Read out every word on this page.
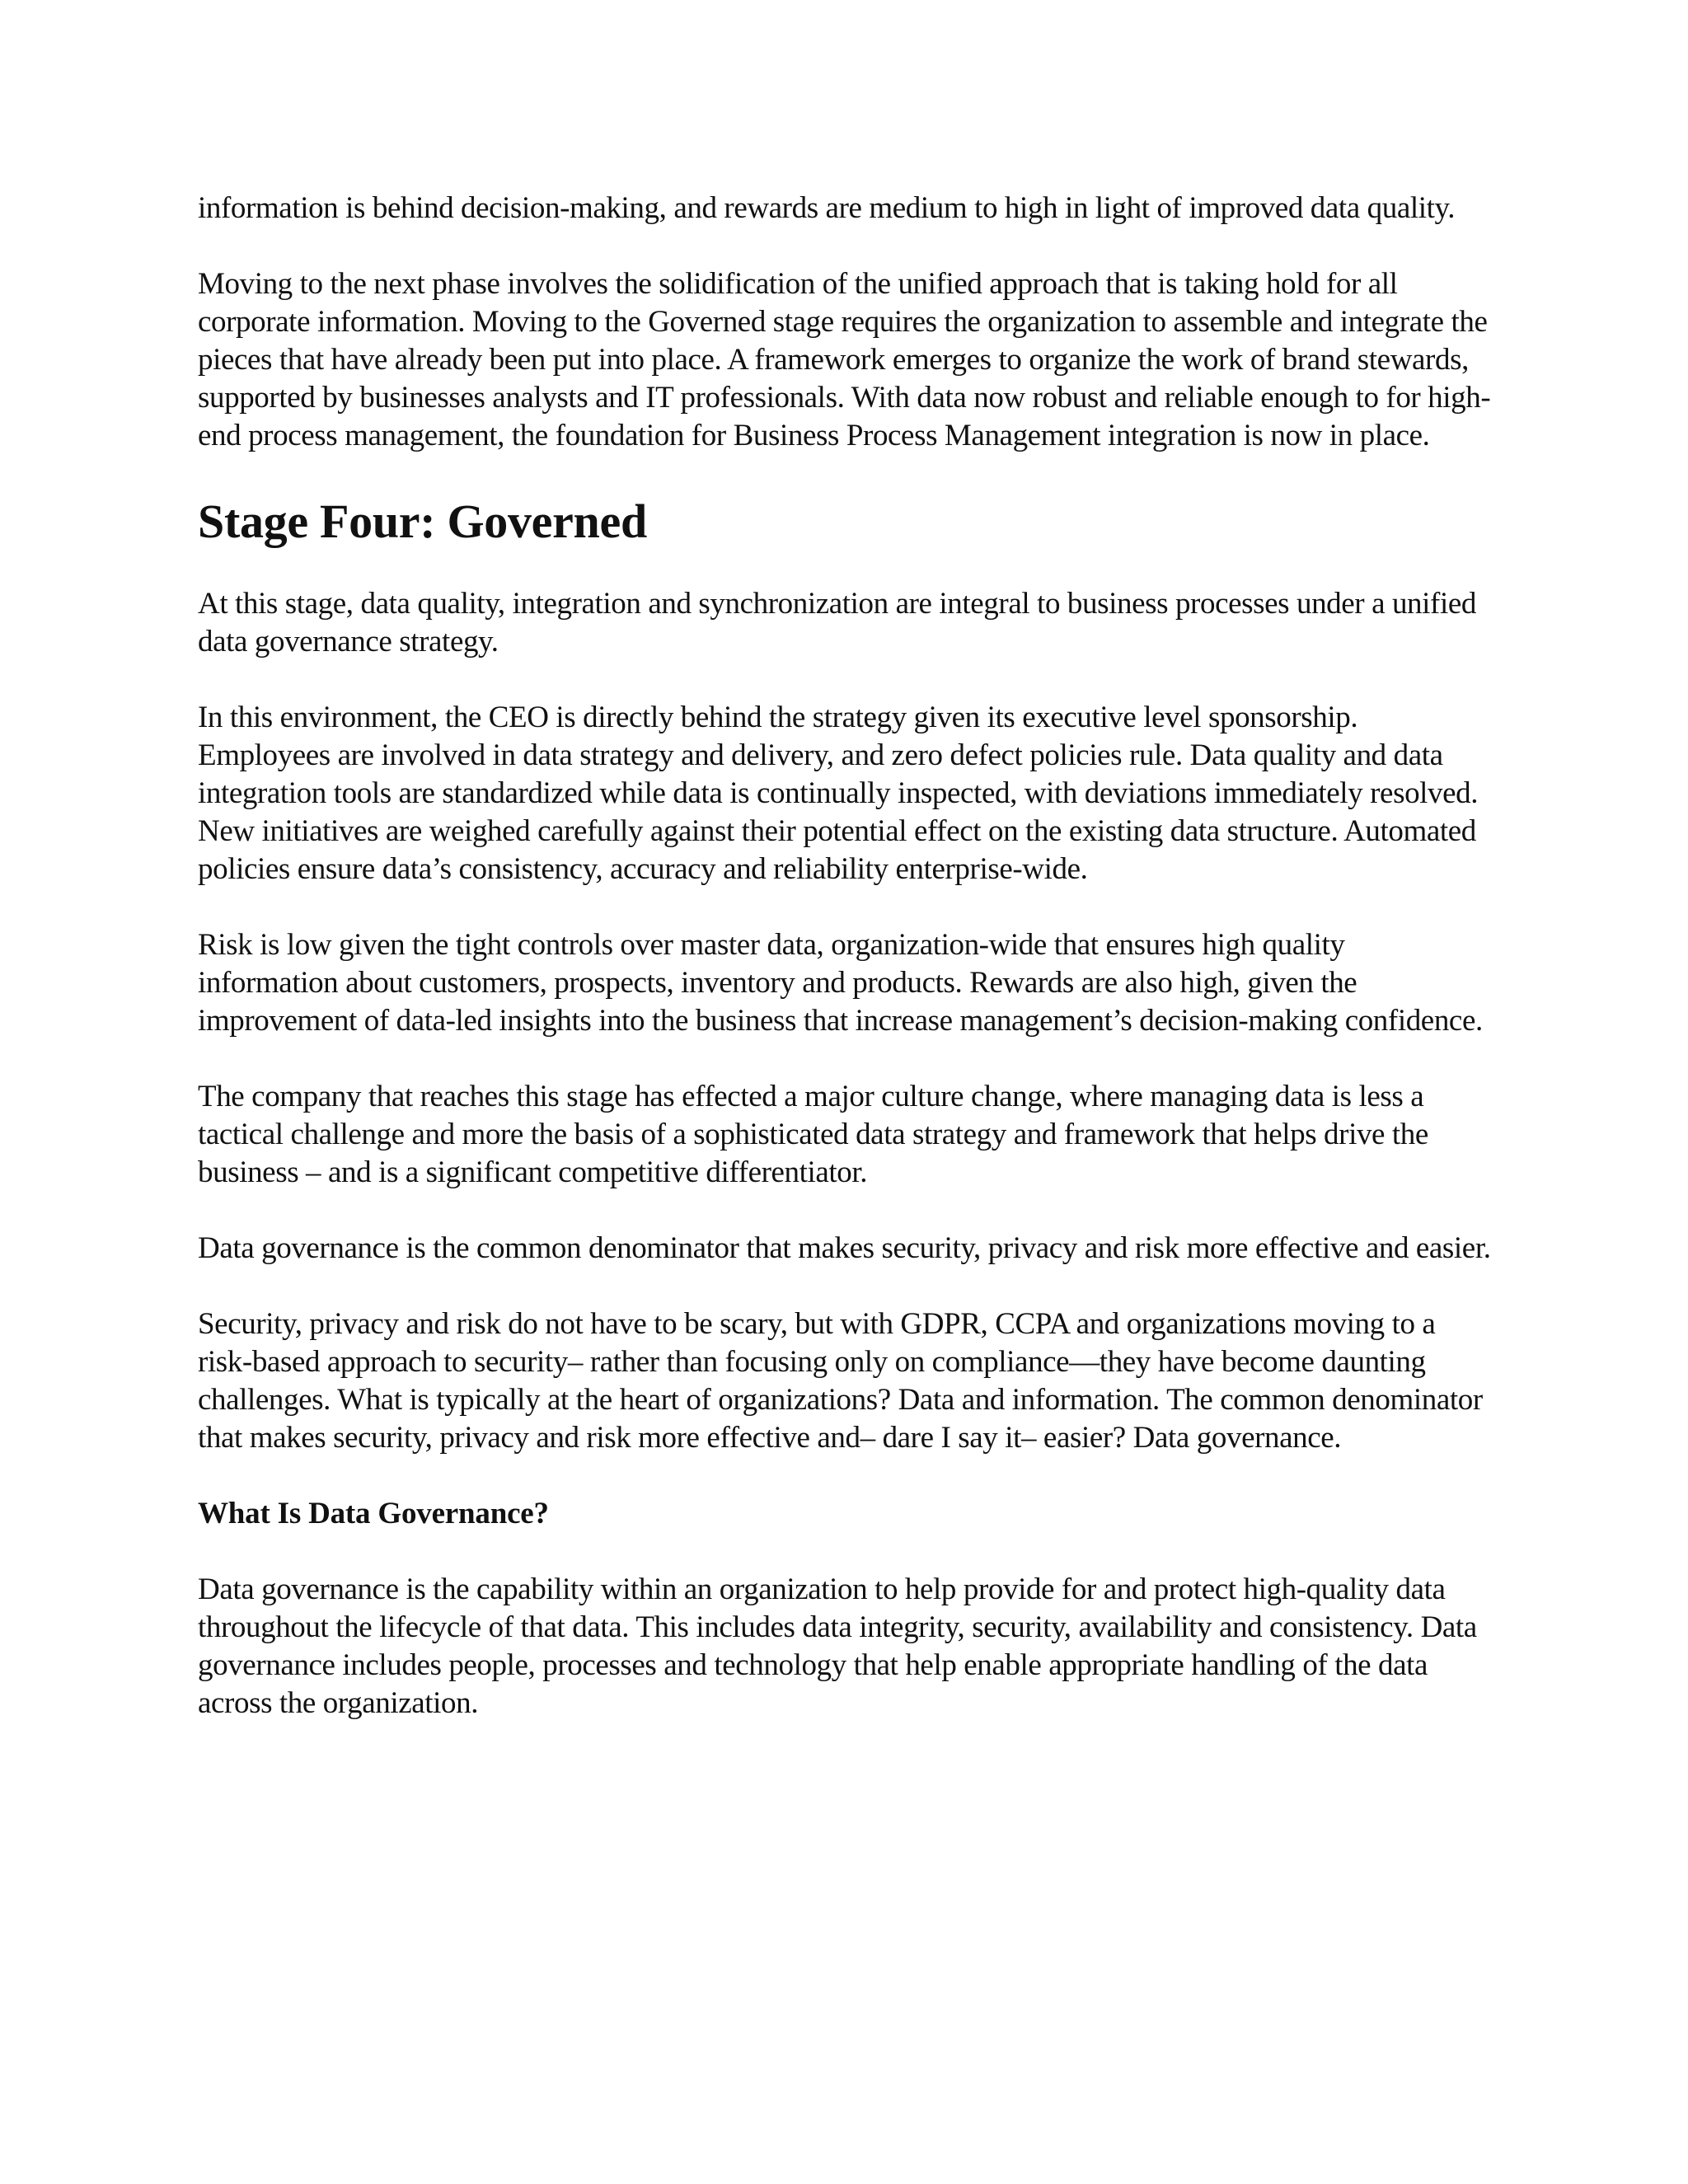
information is behind decision-making, and rewards are medium to high in light of improved data quality.

Moving to the next phase involves the solidification of the unified approach that is taking hold for all corporate information. Moving to the Governed stage requires the organization to assemble and integrate the pieces that have already been put into place. A framework emerges to organize the work of brand stewards, supported by businesses analysts and IT professionals. With data now robust and reliable enough to for high-end process management, the foundation for Business Process Management integration is now in place.

Stage Four: Governed

At this stage, data quality, integration and synchronization are integral to business processes under a unified data governance strategy.

In this environment, the CEO is directly behind the strategy given its executive level sponsorship. Employees are involved in data strategy and delivery, and zero defect policies rule. Data quality and data integration tools are standardized while data is continually inspected, with deviations immediately resolved. New initiatives are weighed carefully against their potential effect on the existing data structure. Automated policies ensure data’s consistency, accuracy and reliability enterprise-wide.

Risk is low given the tight controls over master data, organization-wide that ensures high quality information about customers, prospects, inventory and products. Rewards are also high, given the improvement of data-led insights into the business that increase management’s decision-making confidence.

The company that reaches this stage has effected a major culture change, where managing data is less a tactical challenge and more the basis of a sophisticated data strategy and framework that helps drive the business – and is a significant competitive differentiator.

Data governance is the common denominator that makes security, privacy and risk more effective and easier.

Security, privacy and risk do not have to be scary, but with GDPR, CCPA and organizations moving to a risk-based approach to security– rather than focusing only on compliance—they have become daunting challenges. What is typically at the heart of organizations? Data and information. The common denominator that makes security, privacy and risk more effective and– dare I say it– easier? Data governance.

What Is Data Governance?

Data governance is the capability within an organization to help provide for and protect high-quality data throughout the lifecycle of that data. This includes data integrity, security, availability and consistency. Data governance includes people, processes and technology that help enable appropriate handling of the data across the organization.
